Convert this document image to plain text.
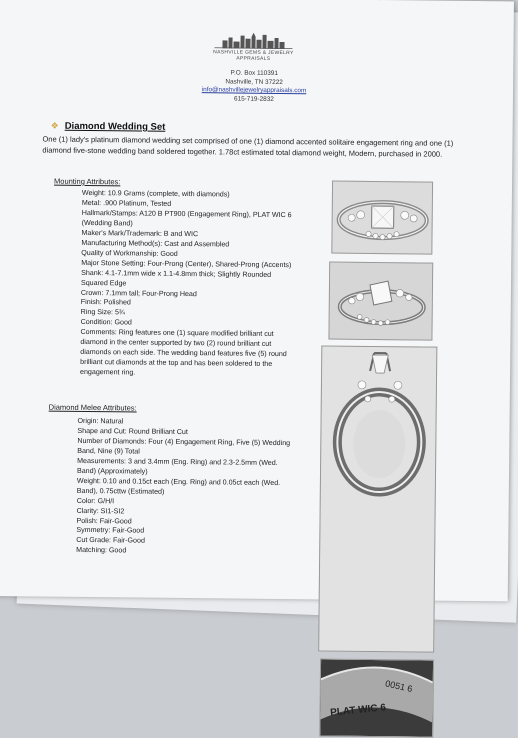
NASHVILLE GEMS & JEWELRY APPRAISALS
P.O. Box 110391
Nashville, TN 37222
info@nashvillejewelryappraisals.com
615-719-2832
❖ Diamond Wedding Set
One (1) lady's platinum diamond wedding set comprised of one (1) diamond accented solitaire engagement ring and one (1) diamond five-stone wedding band soldered together. 1.78ct estimated total diamond weight, Modern, purchased in 2000.
Mounting Attributes:
Weight: 10.9 Grams (complete, with diamonds)
Metal: .900 Platinum, Tested
Hallmark/Stamps: A120 B PT900 (Engagement Ring), PLAT WIC 6
(Wedding Band)
Maker's Mark/Trademark: B and WIC
Manufacturing Method(s): Cast and Assembled
Quality of Workmanship: Good
Major Stone Setting: Four-Prong (Center), Shared-Prong (Accents)
Shank: 4.1-7.1mm wide x 1.1-4.8mm thick; Slightly Rounded
Squared Edge
Crown: 7.1mm tall; Four-Prong Head
Finish: Polished
Ring Size: 5¾
Condition: Good
Comments: Ring features one (1) square modified brilliant cut
diamond in the center supported by two (2) round brilliant cut
diamonds on each side. The wedding band features five (5) round
brilliant cut diamonds at the top and has been soldered to the
engagement ring.
Diamond Melee Attributes:
Origin: Natural
Shape and Cut: Round Brilliant Cut
Number of Diamonds: Four (4) Engagement Ring, Five (5) Wedding
Band, Nine (9) Total
Measurements: 3 and 3.4mm (Eng. Ring) and 2.3-2.5mm (Wed.
Band) (Approximately)
Weight: 0.10 and 0.15ct each (Eng. Ring) and 0.05ct each (Wed.
Band), 0.75cttw (Estimated)
Color: G/H/I
Clarity: SI1-SI2
Polish: Fair-Good
Symmetry: Fair-Good
Cut Grade: Fair-Good
Matching: Good
0051 6
PLAT WIC 6
